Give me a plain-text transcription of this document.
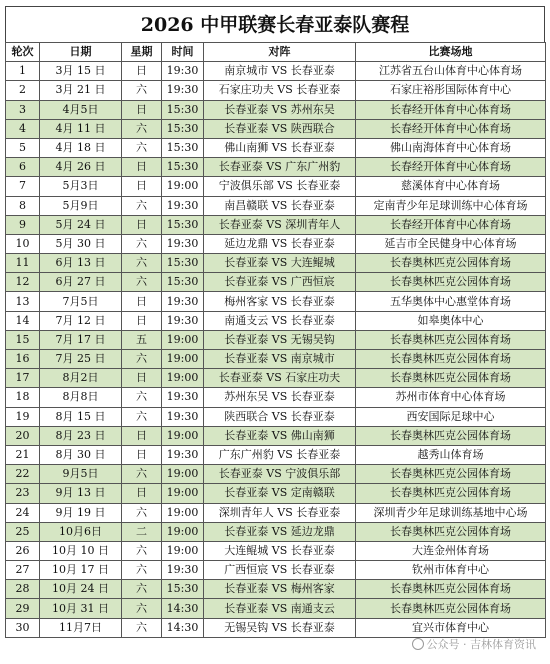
2026 中甲联赛长春亚泰队赛程
轮次	日期	星期	时间	对阵	比赛场地
1	3月 15 日	日	19:30	南京城市 VS 长春亚泰	江苏省五台山体育中心体育场
2	3月 21 日	六	19:30	石家庄功夫 VS 长春亚泰	石家庄裕彤国际体育中心
3	4月5日	日	15:30	长春亚泰 VS 苏州东吴	长春经开体育中心体育场
4	4月 11 日	六	15:30	长春亚泰 VS 陕西联合	长春经开体育中心体育场
5	4月 18 日	六	15:30	佛山南狮 VS 长春亚泰	佛山南海体育中心体育场
6	4月 26 日	日	15:30	长春亚泰 VS 广东广州豹	长春经开体育中心体育场
7	5月3日	日	19:00	宁波俱乐部 VS 长春亚泰	慈溪体育中心体育场
8	5月9日	六	19:30	南昌赣联 VS 长春亚泰	定南青少年足球训练中心体育场
9	5月 24 日	日	15:30	长春亚泰 VS 深圳青年人	长春经开体育中心体育场
10	5月 30 日	六	19:30	延边龙鼎 VS 长春亚泰	延吉市全民健身中心体育场
11	6月 13 日	六	15:30	长春亚泰 VS 大连鲲城	长春奥林匹克公园体育场
12	6月 27 日	六	15:30	长春亚泰 VS 广西恒宸	长春奥林匹克公园体育场
13	7月5日	日	19:30	梅州客家 VS 长春亚泰	五华奥体中心惠堂体育场
14	7月 12 日	日	19:30	南通支云 VS 长春亚泰	如皋奥体中心
15	7月 17 日	五	19:00	长春亚泰 VS 无锡吴钩	长春奥林匹克公园体育场
16	7月 25 日	六	19:00	长春亚泰 VS 南京城市	长春奥林匹克公园体育场
17	8月2日	日	19:00	长春亚泰 VS 石家庄功夫	长春奥林匹克公园体育场
18	8月8日	六	19:30	苏州东吴 VS 长春亚泰	苏州市体育中心体育场
19	8月 15 日	六	19:30	陕西联合 VS 长春亚泰	西安国际足球中心
20	8月 23 日	日	19:00	长春亚泰 VS 佛山南狮	长春奥林匹克公园体育场
21	8月 30 日	日	19:30	广东广州豹 VS 长春亚泰	越秀山体育场
22	9月5日	六	19:00	长春亚泰 VS 宁波俱乐部	长春奥林匹克公园体育场
23	9月 13 日	日	19:00	长春亚泰 VS 定南赣联	长春奥林匹克公园体育场
24	9月 19 日	六	19:00	深圳青年人 VS 长春亚泰	深圳青少年足球训练基地中心场
25	10月6日	二	19:00	长春亚泰 VS 延边龙鼎	长春奥林匹克公园体育场
26	10月 10 日	六	19:00	大连鲲城 VS 长春亚泰	大连金州体育场
27	10月 17 日	六	19:30	广西恒宸 VS 长春亚泰	钦州市体育中心
28	10月 24 日	六	15:30	长春亚泰 VS 梅州客家	长春奥林匹克公园体育场
29	10月 31 日	六	14:30	长春亚泰 VS 南通支云	长春奥林匹克公园体育场
30	11月7日	六	14:30	无锡吴钩 VS 长春亚泰	宜兴市体育中心
公众号 · 吉林体育资讯
